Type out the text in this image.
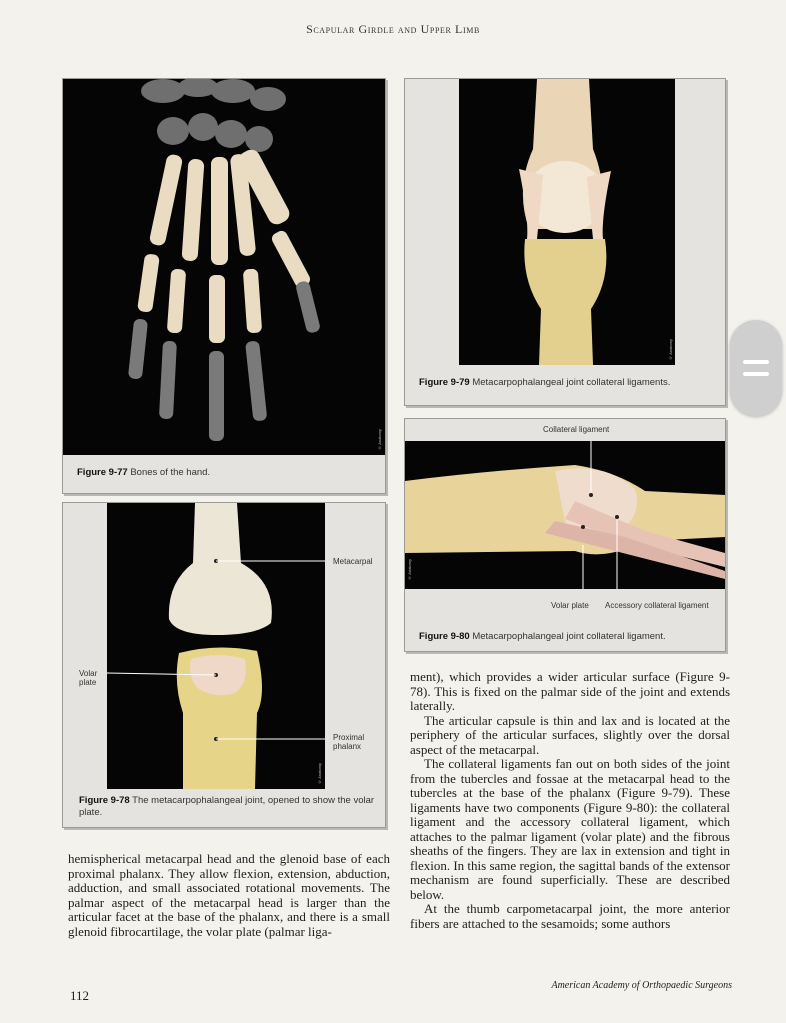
Scapular Girdle and Upper Limb
© Anatomy
Figure 9-77 Bones of the hand.
© Anatomy
Figure 9-79 Metacarpophalangeal joint collateral ligaments.
Collateral ligament
© Anatomy
Volar plate Accessory collateral ligament
Figure 9-80 Metacarpophalangeal joint collateral ligament.
© Anatomy
Metacarpal
Volar plate
Proximal phalanx
Figure 9-78 The metacarpophalangeal joint, opened to show the volar plate.
hemispherical metacarpal head and the glenoid base of each proximal phalanx. They allow flexion, extension, abduction, adduction, and small associated rotational movements. The palmar aspect of the metacarpal head is larger than the articular facet at the base of the phalanx, and there is a small glenoid fibrocartilage, the volar plate (palmar liga-

ment), which provides a wider articular surface (Figure 9-78). This is fixed on the palmar side of the joint and extends laterally.

The articular capsule is thin and lax and is located at the periphery of the articular surfaces, slightly over the dorsal aspect of the metacarpal.

The collateral ligaments fan out on both sides of the joint from the tubercles and fossae at the metacarpal head to the tubercles at the base of the phalanx (Figure 9-79). These ligaments have two components (Figure 9-80): the collateral ligament and the accessory collateral ligament, which attaches to the palmar ligament (volar plate) and the fibrous sheaths of the fingers. They are lax in extension and tight in flexion. In this same region, the sagittal bands of the extensor mechanism are found superficially. These are described below.

At the thumb carpometacarpal joint, the more anterior fibers are attached to the sesamoids; some authors

112
American Academy of Orthopaedic Surgeons
